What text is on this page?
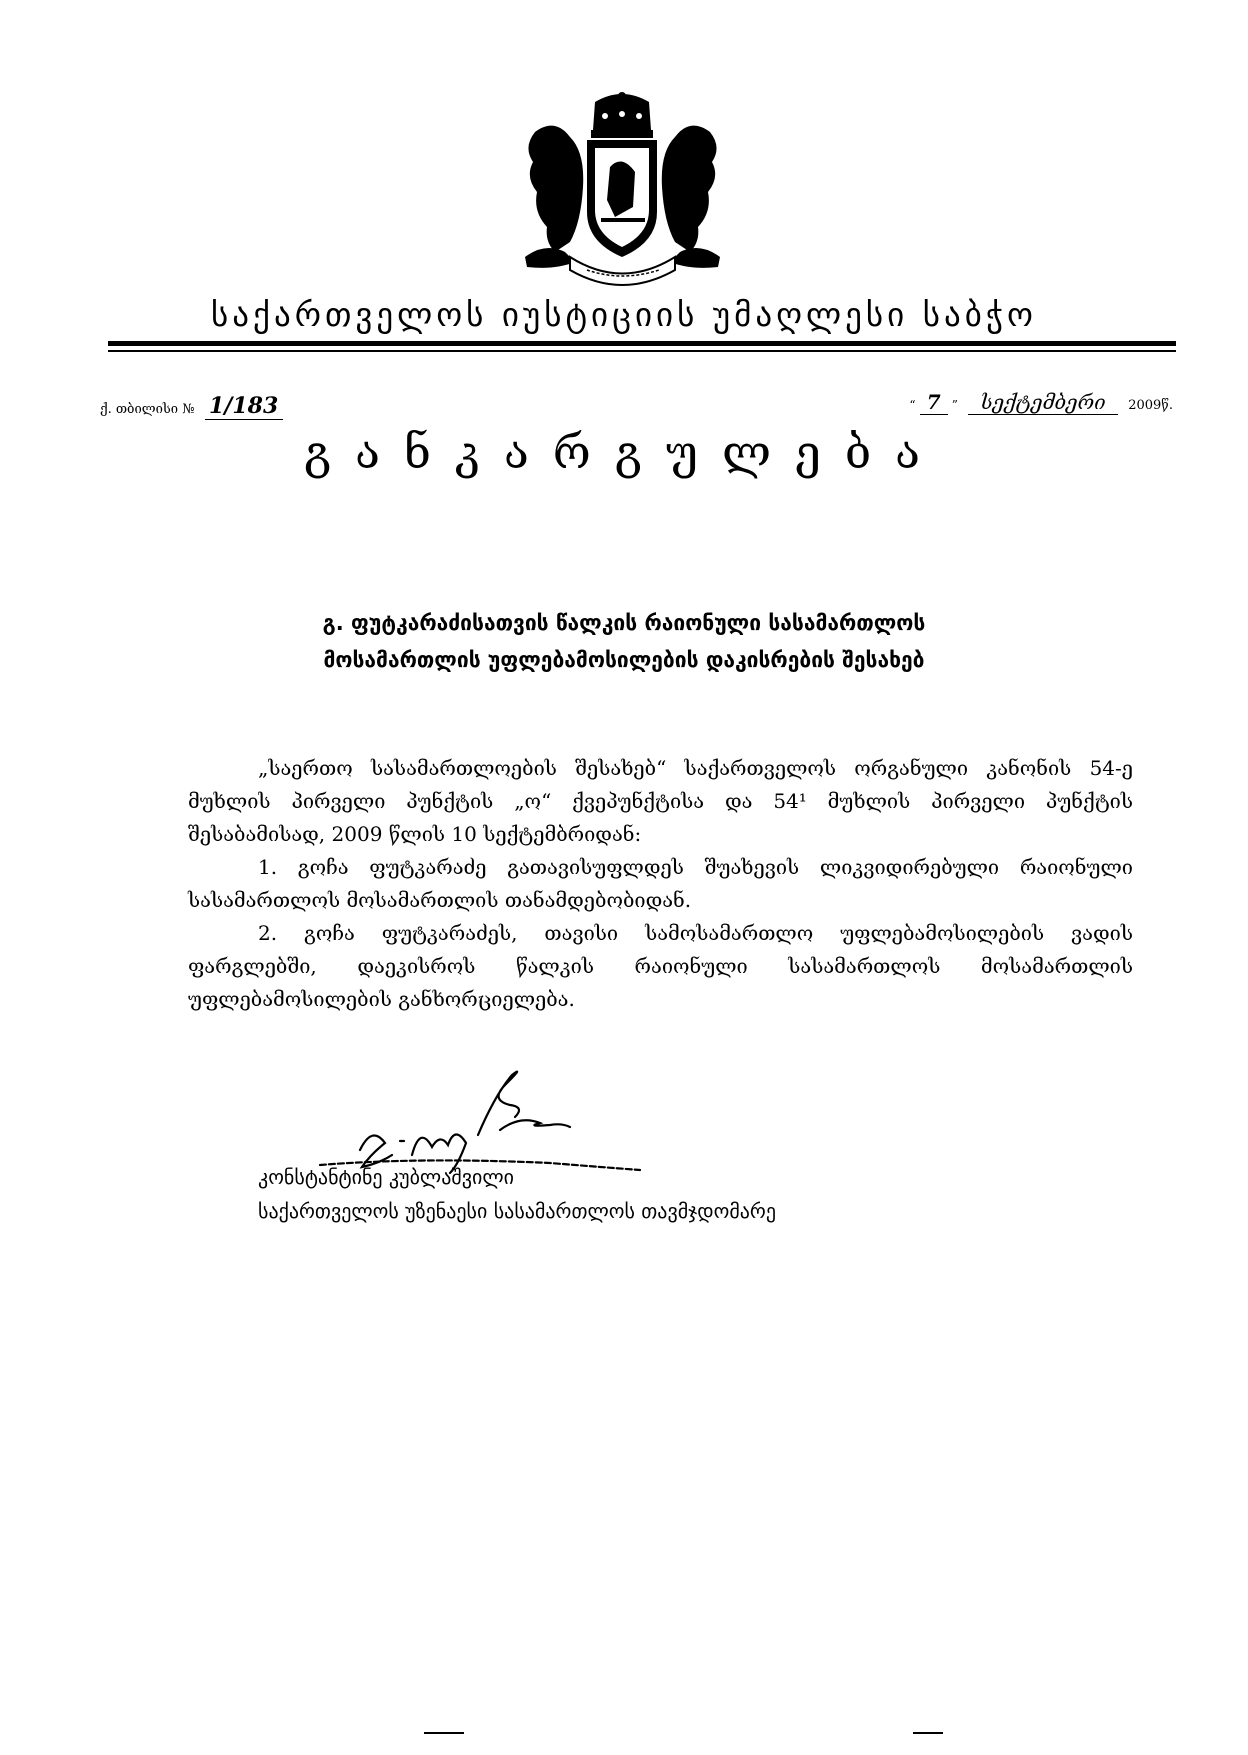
საქართველოს იუსტიციის უმაღლესი საბჭო
ქ. თბილისი № 1/183	“ 7 ” სექტემბერი 2009წ.
განკარგულება
გ. ფუტკარაძისათვის წალკის რაიონული სასამართლოს
მოსამართლის უფლებამოსილების დაკისრების შესახებ

„საერთო სასამართლოების შესახებ“ საქართველოს ორგანული კანონის 54-ე მუხლის პირველი პუნქტის „ო“ ქვეპუნქტისა და 54¹ მუხლის პირველი პუნქტის შესაბამისად, 2009 წლის 10 სექტემბრიდან:

1. გოჩა ფუტკარაძე გათავისუფლდეს შუახევის ლიკვიდირებული რაიონული სასამართლოს მოსამართლის თანამდებობიდან.

2. გოჩა ფუტკარაძეს, თავისი სამოსამართლო უფლებამოსილების ვადის ფარგლებში, დაეკისროს წალკის რაიონული სასამართლოს მოსამართლის უფლებამოსილების განხორციელება.

კონსტანტინე კუბლაშვილი
საქართველოს უზენაესი სასამართლოს თავმჯდომარე
